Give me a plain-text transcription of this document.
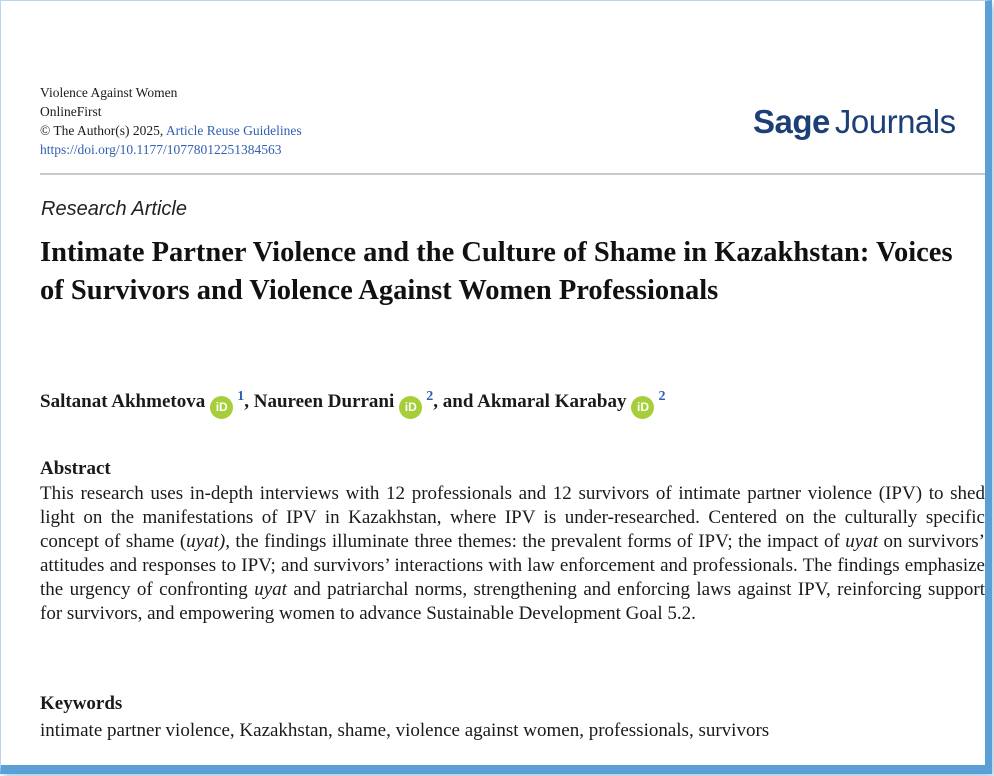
Violence Against Women
OnlineFirst
© The Author(s) 2025, Article Reuse Guidelines
https://doi.org/10.1177/10778012251384563
Sage Journals
Research Article
Intimate Partner Violence and the Culture of Shame in Kazakhstan: Voices of Survivors and Violence Against Women Professionals
Saltanat Akhmetova $iD^1$, Naureen Durrani $iD^2$, and Akmaral Karabay $iD^2$
Abstract

This research uses in-depth interviews with 12 professionals and 12 survivors of intimate partner violence (IPV) to shed light on the manifestations of IPV in Kazakhstan, where IPV is under-researched. Centered on the culturally specific concept of shame (uyat), the findings illuminate three themes: the prevalent forms of IPV; the impact of uyat on survivors’ attitudes and responses to IPV; and survivors’ interactions with law enforcement and professionals. The findings emphasize the urgency of confronting uyat and patriarchal norms, strengthening and enforcing laws against IPV, reinforcing support for survivors, and empowering women to advance Sustainable Development Goal 5.2.

Keywords
intimate partner violence, Kazakhstan, shame, violence against women, professionals, survivors
